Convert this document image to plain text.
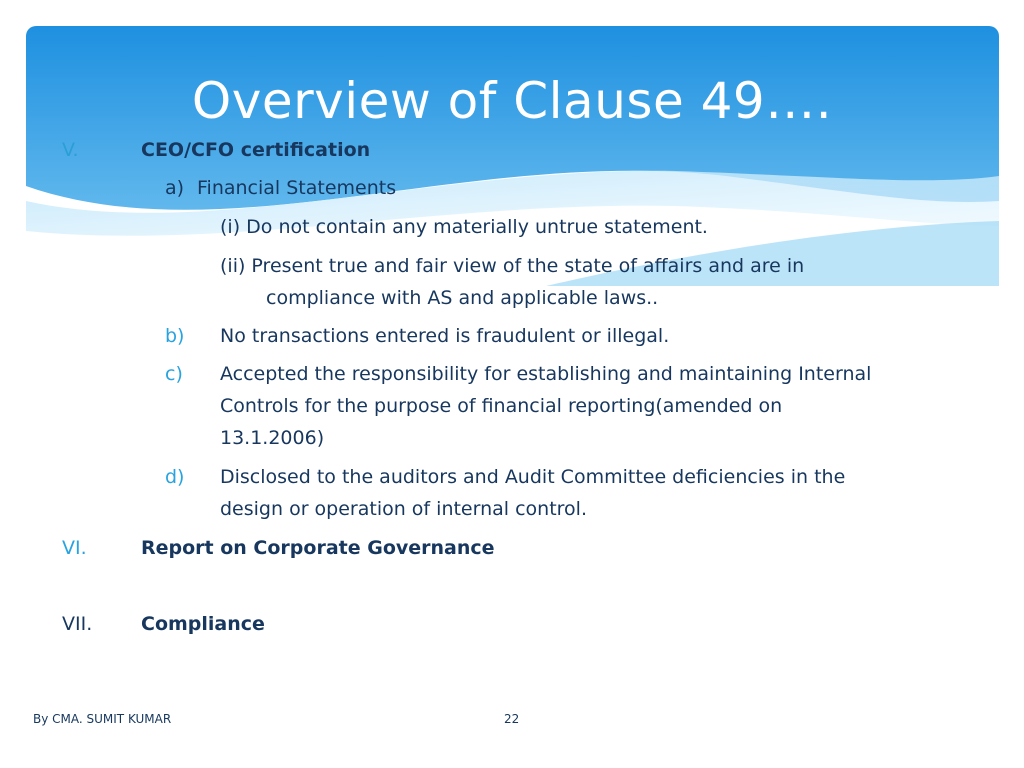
Overview of Clause 49….
V.	CEO/CFO certification
a) Financial Statements
(i) Do not contain any materially untrue statement.
(ii) Present true and fair view of the state of affairs and are in
compliance with AS and applicable laws..
b) No transactions entered is fraudulent or illegal.
c) Accepted the responsibility for establishing and maintaining Internal
Controls for the purpose of financial reporting(amended on
13.1.2006)
d) Disclosed to the auditors and Audit Committee deficiencies in the
design or operation of internal control.
VI.	Report on Corporate Governance
VII.	Compliance
By CMA. SUMIT KUMAR	22
